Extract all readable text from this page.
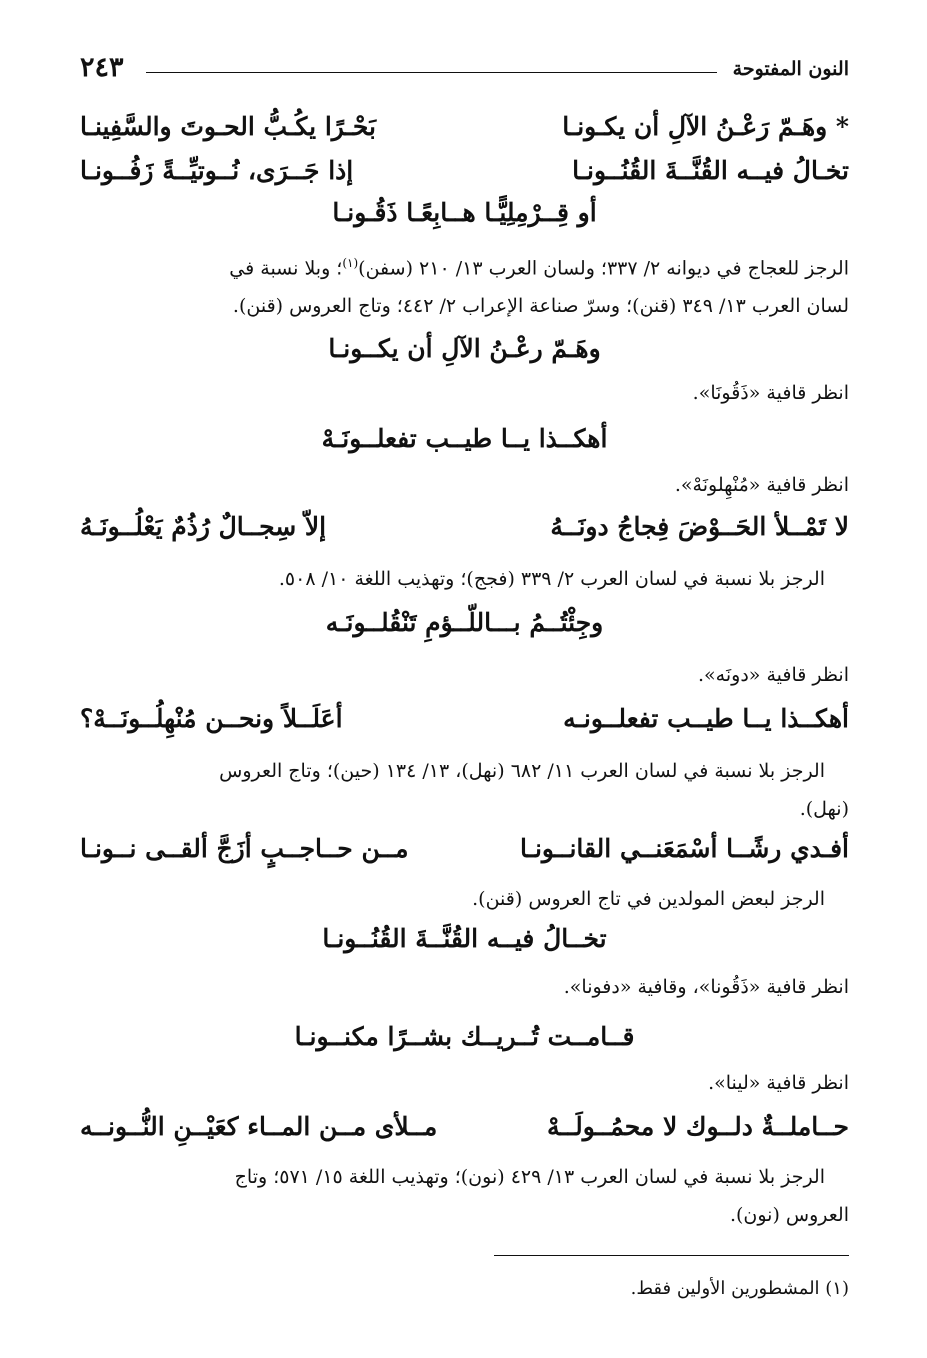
النون المفتوحة
٢٤٣
* وهَـمّ رَعْـنُ الآلِ أن يكـونـا
بَحْـرًا يكُـبُّ الحـوتَ والسَّفِينـا
تخـالُ فيــه القُنَّــةَ القُنُــونـا
إذا جَــرَى، نُــوتيِّــةً زَفُــونـا
أو قِــرْمِلِيًّـا هــابِعًـا ذَقُـونـا
الرجز للعجاج في ديوانه ٢/ ٣٣٧؛ ولسان العرب ١٣/ ٢١٠ (سفن)$^{(١)}$؛ وبلا نسبة في
لسان العرب ١٣/ ٣٤٩ (قنن)؛ وسرّ صناعة الإعراب ٢/ ٤٤٢؛ وتاج العروس (قنن).
وهَـمّ رعْـنُ الآلِ أن يكــونـا
انظر قافية «ذَقُونَا».
أهكــذا يــا طيــب تفعلــونَـهْ
انظر قافية «مُنْهِلونَهْ».
لا تَمْــلأ الحَــوْضَ فِجاجُ دونَــهُ
إلاّ سِجــالٌ رُذُمٌ يَعْلُــونَـهُ
الرجز بلا نسبة في لسان العرب ٢/ ٣٣٩ (فجج)؛ وتهذيب اللغة ١٠/ ٥٠٨.
وجِئْتُــمُ بـــاللّــؤمِ تَنْقُلــونَـه
انظر قافية «دونَه».
أهكــذا يــا طيــب تفعلــونـه
أعَلَــلاً ونحــن مُنْهِلُــونَــهْ؟
الرجز بلا نسبة في لسان العرب ١١/ ٦٨٢ (نهل)، ١٣/ ١٣٤ (حين)؛ وتاج العروس
(نهل).
أفـدي رشًــا أسْمَعَنــي القانــونـا
مــن حــاجــبٍ أزَجَّ ألقــى نــونـا
الرجز لبعض المولدين في تاج العروس (قنن).
تخــالُ فيــه القُنَّــةَ القُنُــونـا
انظر قافية «ذَقُونا»، وقافية «دفونا».
قــامــت تُــريــك بشــرًا مكنــونـا
انظر قافية «لينا».
حــاملــةٌ دلــوك لا محمُــولَــهْ
مــلأى مــن المــاء كعَيْــنِ النُّــونــه
الرجز بلا نسبة في لسان العرب ١٣/ ٤٢٩ (نون)؛ وتهذيب اللغة ١٥/ ٥٧١؛ وتاج
العروس (نون).
(١) المشطورين الأولين فقط.
